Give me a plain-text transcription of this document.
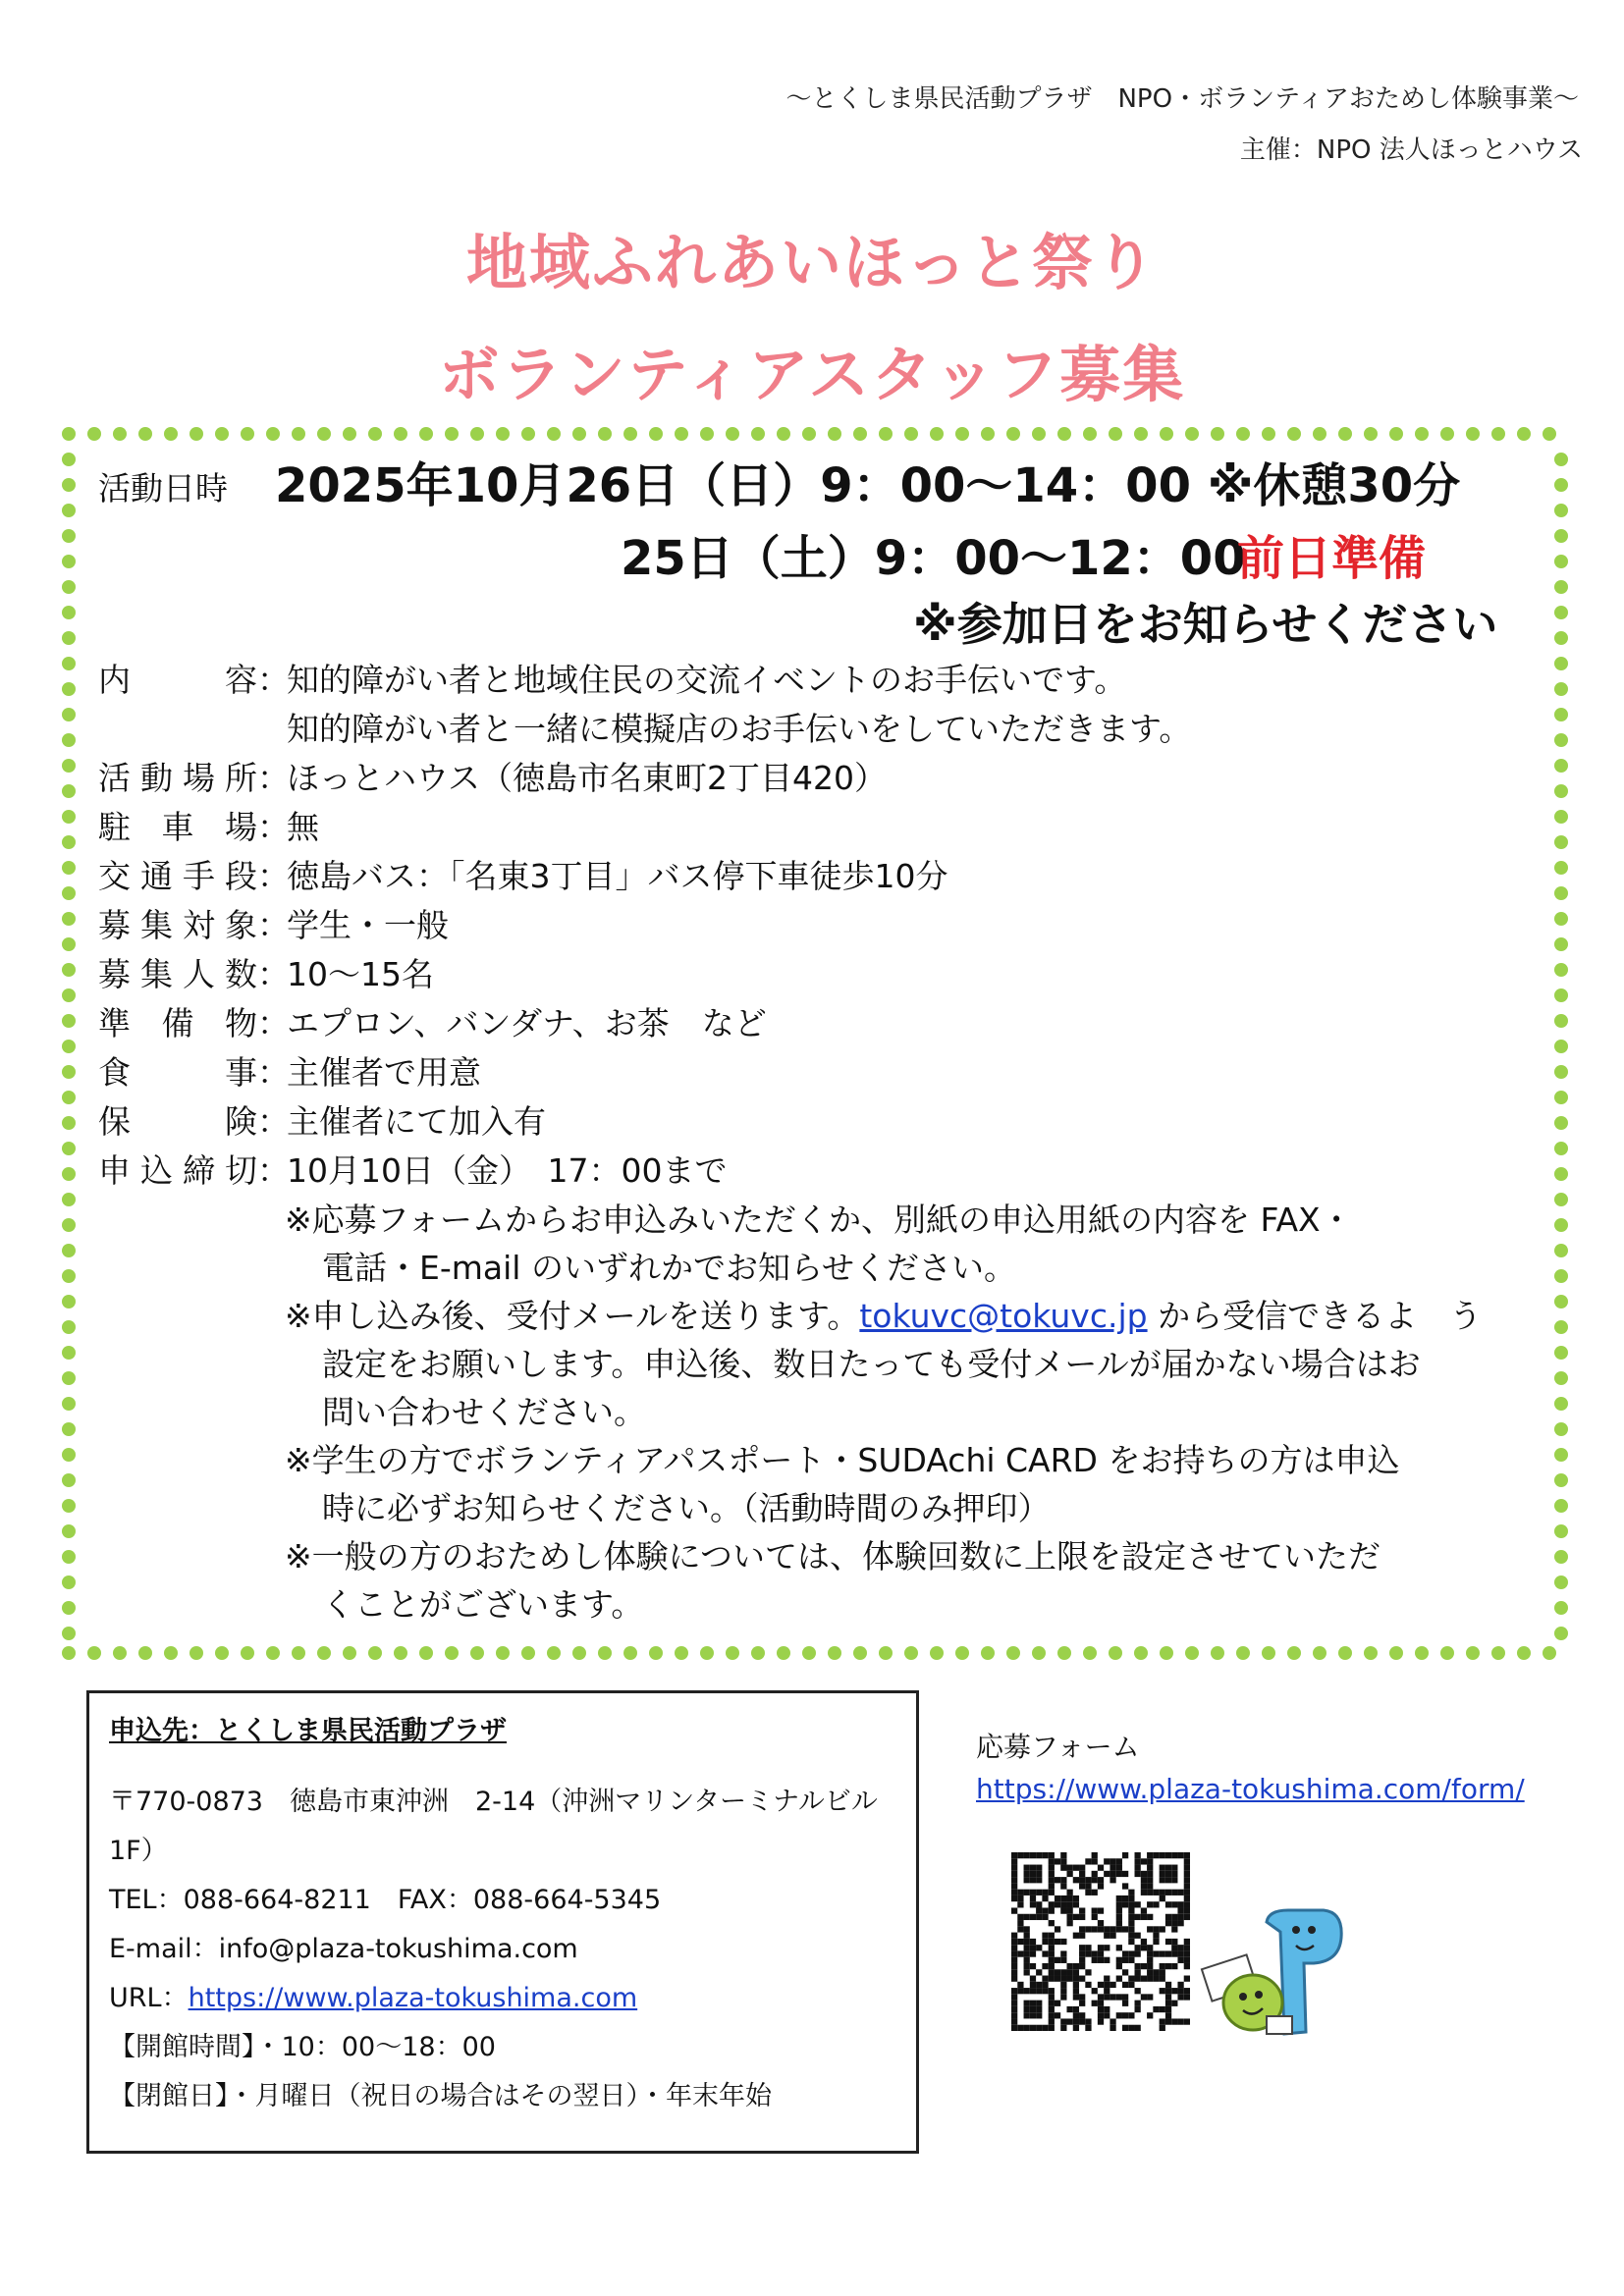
～とくしま県民活動プラザ　NPO・ボランティアおためし体験事業～
主催：NPO 法人ほっとハウス
地域ふれあいほっと祭り
ボランティアスタッフ募集
活動日時 2025年10月26日（日）9：00～14：00 ※休憩30分
25日（土）9：00～12：00
前日準備
※参加日をお知らせください
内	容 ：
知的障がい者と地域住民の交流イベントのお手伝いです。
知的障がい者と一緒に模擬店のお手伝いをしていただきます。
活 動 場 所 ：
ほっとハウス（徳島市名東町2丁目420）
駐 車 場 ：
無
交 通 手 段 ：
徳島バス：「名東3丁目」バス停下車徒歩10分
募 集 対 象 ：
学生・一般
募 集 人 数 ：
10～15名
準 備 物 ：
エプロン、バンダナ、お茶　など
食	事 ：
主催者で用意
保	険 ：
主催者にて加入有
申 込 締 切 ：
10月10日（金）　17：00まで
※応募フォームからお申込みいただくか、別紙の申込用紙の内容を FAX・
電話・E-mail のいずれかでお知らせください。
※申し込み後、受付メールを送ります。tokuvc@tokuvc.jp から受信できるよ　う
設定をお願いします。申込後、数日たっても受付メールが届かない場合はお
問い合わせください。
※学生の方でボランティアパスポート・SUDAchi CARD をお持ちの方は申込
時に必ずお知らせください。（活動時間のみ押印）
※一般の方のおためし体験については、体験回数に上限を設定させていただ
くことがございます。
申込先：とくしま県民活動プラザ
〒770-0873　徳島市東沖洲　2-14（沖洲マリンターミナルビル
1F）
TEL：088-664-8211　FAX：088-664-5345
E-mail：info@plaza-tokushima.com
URL：https://www.plaza-tokushima.com
【開館時間】・10：00～18：00
【閉館日】・月曜日（祝日の場合はその翌日）・年末年始
応募フォーム
https://www.plaza-tokushima.com/form/
